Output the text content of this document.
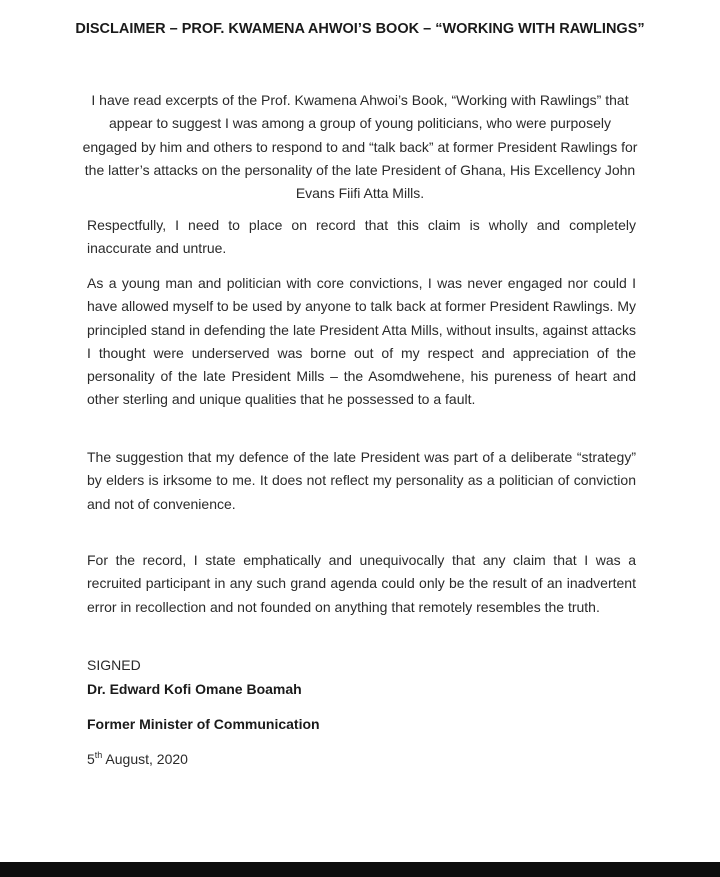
DISCLAIMER – PROF. KWAMENA AHWOI’S BOOK – “WORKING WITH RAWLINGS”

I have read excerpts of the Prof. Kwamena Ahwoi’s Book, “Working with Rawlings” that appear to suggest I was among a group of young politicians, who were purposely engaged by him and others to respond to and “talk back” at former President Rawlings for the latter’s attacks on the personality of the late President of Ghana, His Excellency John Evans Fiifi Atta Mills.

Respectfully, I need to place on record that this claim is wholly and completely inaccurate and untrue.

As a young man and politician with core convictions, I was never engaged nor could I have allowed myself to be used by anyone to talk back at former President Rawlings. My principled stand in defending the late President Atta Mills, without insults, against attacks I thought were underserved was borne out of my respect and appreciation of the personality of the late President Mills – the Asomdwehene, his pureness of heart and other sterling and unique qualities that he possessed to a fault.

The suggestion that my defence of the late President was part of a deliberate “strategy” by elders is irksome to me. It does not reflect my personality as a politician of conviction and not of convenience.

For the record, I state emphatically and unequivocally that any claim that I was a recruited participant in any such grand agenda could only be the result of an inadvertent error in recollection and not founded on anything that remotely resembles the truth.

SIGNED
Dr. Edward Kofi Omane Boamah
Former Minister of Communication
5th August, 2020
